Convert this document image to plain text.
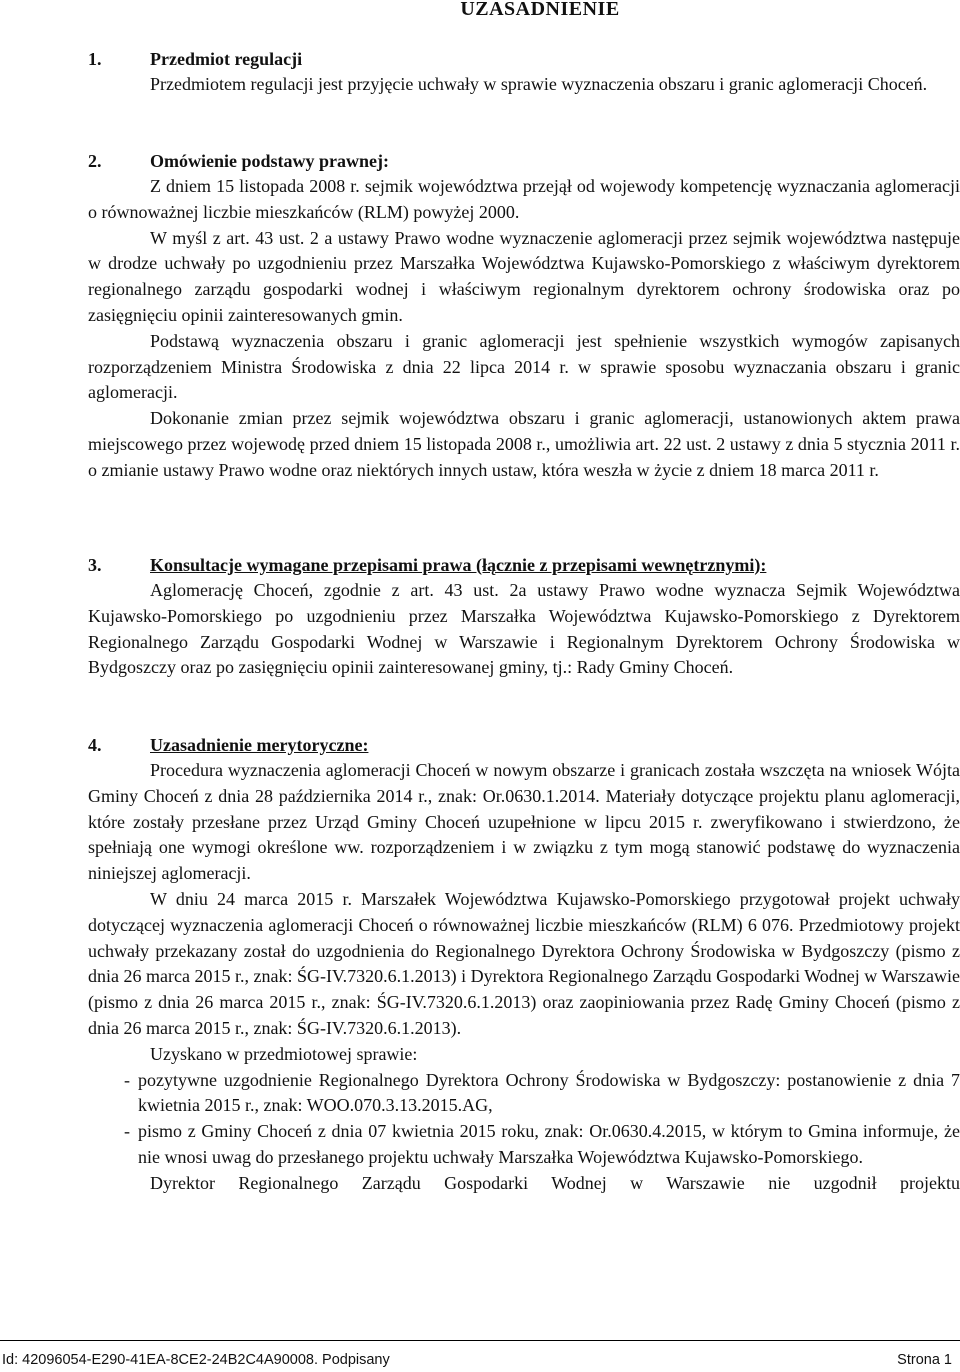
UZASADNIENIE
1.	Przedmiot regulacji

Przedmiotem regulacji jest przyjęcie uchwały w sprawie wyznaczenia obszaru i granic aglomeracji Choceń.

2.	Omówienie podstawy prawnej:

Z dniem 15 listopada 2008 r. sejmik województwa przejął od wojewody kompetencję wyznaczania aglomeracji o równoważnej liczbie mieszkańców (RLM) powyżej 2000.

W myśl z art. 43 ust. 2 a ustawy Prawo wodne wyznaczenie aglomeracji przez sejmik województwa następuje w drodze uchwały po uzgodnieniu przez Marszałka Województwa Kujawsko-Pomorskiego z właściwym dyrektorem regionalnego zarządu gospodarki wodnej i właściwym regionalnym dyrektorem ochrony środowiska oraz po zasięgnięciu opinii zainteresowanych gmin.

Podstawą wyznaczenia obszaru i granic aglomeracji jest spełnienie wszystkich wymogów zapisanych rozporządzeniem Ministra Środowiska z dnia 22 lipca 2014 r. w sprawie sposobu wyznaczania obszaru i granic aglomeracji.

Dokonanie zmian przez sejmik województwa obszaru i granic aglomeracji, ustanowionych aktem prawa miejscowego przez wojewodę przed dniem 15 listopada 2008 r., umożliwia art. 22 ust. 2 ustawy z dnia 5 stycznia 2011 r. o zmianie ustawy Prawo wodne oraz niektórych innych ustaw, która weszła w życie z dniem 18 marca 2011 r.

3.	Konsultacje wymagane przepisami prawa (łącznie z przepisami wewnętrznymi):

Aglomerację Choceń, zgodnie z art. 43 ust. 2a ustawy Prawo wodne wyznacza Sejmik Województwa Kujawsko-Pomorskiego po uzgodnieniu przez Marszałka Województwa Kujawsko-Pomorskiego z Dyrektorem Regionalnego Zarządu Gospodarki Wodnej w Warszawie i Regionalnym Dyrektorem Ochrony Środowiska w Bydgoszczy oraz po zasięgnięciu opinii zainteresowanej gminy, tj.: Rady Gminy Choceń.

4.	Uzasadnienie merytoryczne:

Procedura wyznaczenia aglomeracji Choceń w nowym obszarze i granicach została wszczęta na wniosek Wójta Gminy Choceń z dnia 28 października 2014 r., znak: Or.0630.1.2014. Materiały dotyczące projektu planu aglomeracji, które zostały przesłane przez Urząd Gminy Choceń uzupełnione w lipcu 2015 r. zweryfikowano i stwierdzono, że spełniają one wymogi określone ww. rozporządzeniem i w związku z tym mogą stanowić podstawę do wyznaczenia niniejszej aglomeracji.

W dniu 24 marca 2015 r. Marszałek Województwa Kujawsko-Pomorskiego przygotował projekt uchwały dotyczącej wyznaczenia aglomeracji Choceń o równoważnej liczbie mieszkańców (RLM) 6 076. Przedmiotowy projekt uchwały przekazany został do uzgodnienia do Regionalnego Dyrektora Ochrony Środowiska w Bydgoszczy (pismo z dnia 26 marca 2015 r., znak: ŚG-IV.7320.6.1.2013) i Dyrektora Regionalnego Zarządu Gospodarki Wodnej w Warszawie (pismo z dnia 26 marca 2015 r., znak: ŚG-IV.7320.6.1.2013) oraz zaopiniowania przez Radę Gminy Choceń (pismo z dnia 26 marca 2015 r., znak: ŚG-IV.7320.6.1.2013).

Uzyskano w przedmiotowej sprawie:

- pozytywne uzgodnienie Regionalnego Dyrektora Ochrony Środowiska w Bydgoszczy: postanowienie z dnia 7 kwietnia 2015 r., znak: WOO.070.3.13.2015.AG,
- pismo z Gminy Choceń z dnia 07 kwietnia 2015 roku, znak: Or.0630.4.2015, w którym to Gmina informuje, że nie wnosi uwag do przesłanego projektu uchwały Marszałka Województwa Kujawsko-Pomorskiego.

Dyrektor Regionalnego Zarządu Gospodarki Wodnej w Warszawie nie uzgodnił projektu

Id: 42096054-E290-41EA-8CE2-24B2C4A90008. Podpisany	Strona 1
